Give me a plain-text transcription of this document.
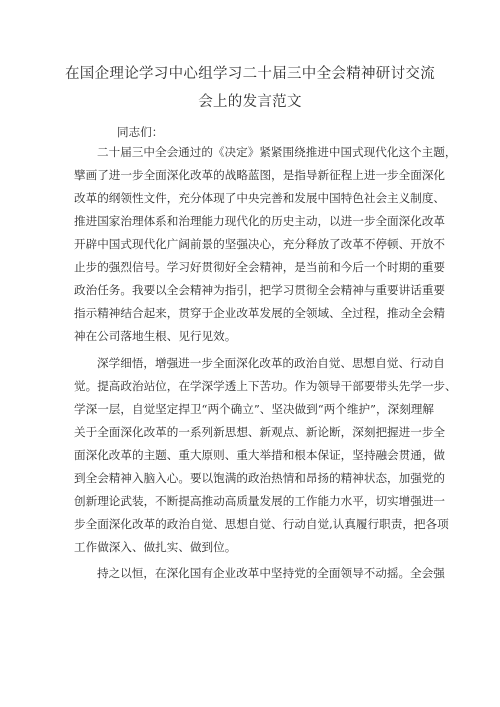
在国企理论学习中心组学习二十届三中全会精神研讨交流
会上的发言范文
同志们：
二十届三中全会通过的《决定》紧紧围绕推进中国式现代化这个主题，
擘画了进一步全面深化改革的战略蓝图，是指导新征程上进一步全面深化
改革的纲领性文件，充分体现了中央完善和发展中国特色社会主义制度、
推进国家治理体系和治理能力现代化的历史主动，以进一步全面深化改革
开辟中国式现代化广阔前景的坚强决心，充分释放了改革不停顿、开放不
止步的强烈信号。学习好贯彻好全会精神，是当前和今后一个时期的重要
政治任务。我要以全会精神为指引，把学习贯彻全会精神与重要讲话重要
指示精神结合起来，贯穿于企业改革发展的全领域、全过程，推动全会精
神在公司落地生根、见行见效。
深学细悟，增强进一步全面深化改革的政治自觉、思想自觉、行动自
觉。提高政治站位，在学深学透上下苦功。作为领导干部要带头先学一步、
学深一层，自觉坚定捍卫“两个确立”、坚决做到“两个维护”，深刻理解
关于全面深化改革的一系列新思想、新观点、新论断，深刻把握进一步全
面深化改革的主题、重大原则、重大举措和根本保证，坚持融会贯通，做
到全会精神入脑入心。要以饱满的政治热情和昂扬的精神状态，加强党的
创新理论武装，不断提高推动高质量发展的工作能力水平，切实增强进一
步全面深化改革的政治自觉、思想自觉、行动自觉,认真履行职责，把各项
工作做深入、做扎实、做到位。
持之以恒，在深化国有企业改革中坚持党的全面领导不动摇。全会强
